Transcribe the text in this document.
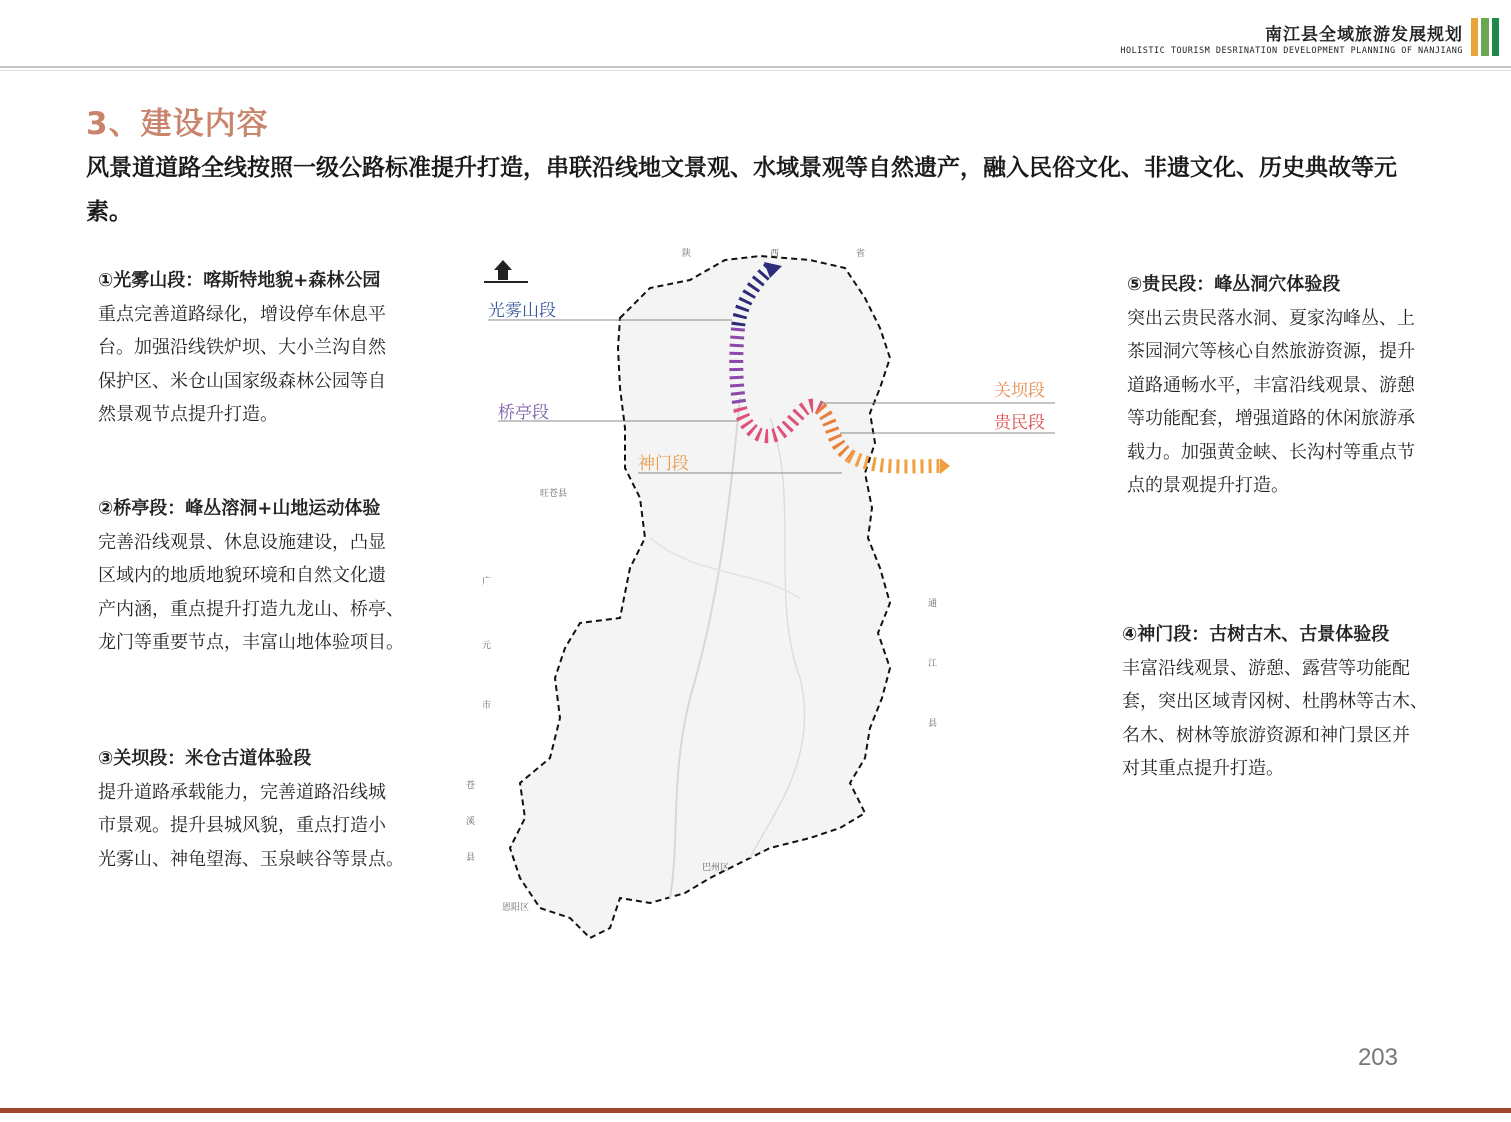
南江县全域旅游发展规划
HOLISTIC TOURISM DESRINATION DEVELOPMENT PLANNING OF NANJIANG
3、建设内容
风景道道路全线按照一级公路标准提升打造，串联沿线地文景观、水域景观等自然遗产，融入民俗文化、非遗文化、历史典故等元素。
①光雾山段：喀斯特地貌+森林公园
重点完善道路绿化，增设停车休息平
台。加强沿线铁炉坝、大小兰沟自然
保护区、米仓山国家级森林公园等自
然景观节点提升打造。
②桥亭段：峰丛溶洞+山地运动体验
完善沿线观景、休息设施建设，凸显
区域内的地质地貌环境和自然文化遗
产内涵，重点提升打造九龙山、桥亭、
龙门等重要节点，丰富山地体验项目。
③关坝段：米仓古道体验段
提升道路承载能力，完善道路沿线城
市景观。提升县城风貌，重点打造小
光雾山、神龟望海、玉泉峡谷等景点。
⑤贵民段：峰丛洞穴体验段
突出云贵民落水洞、夏家沟峰丛、上
茶园洞穴等核心自然旅游资源，提升
道路通畅水平，丰富沿线观景、游憩
等功能配套，增强道路的休闲旅游承
载力。加强黄金峡、长沟村等重点节
点的景观提升打造。
④神门段：古树古木、古景体验段
丰富沿线观景、游憩、露营等功能配
套，突出区域青冈树、杜鹃林等古木、
名木、树林等旅游资源和神门景区并
对其重点提升打造。
陕	西	省
旺苍县
广
元
市
苍
溪
县
通
江
县
巴州区
恩阳区
光雾山段
桥亭段
神门段
关坝段
贵民段
203
